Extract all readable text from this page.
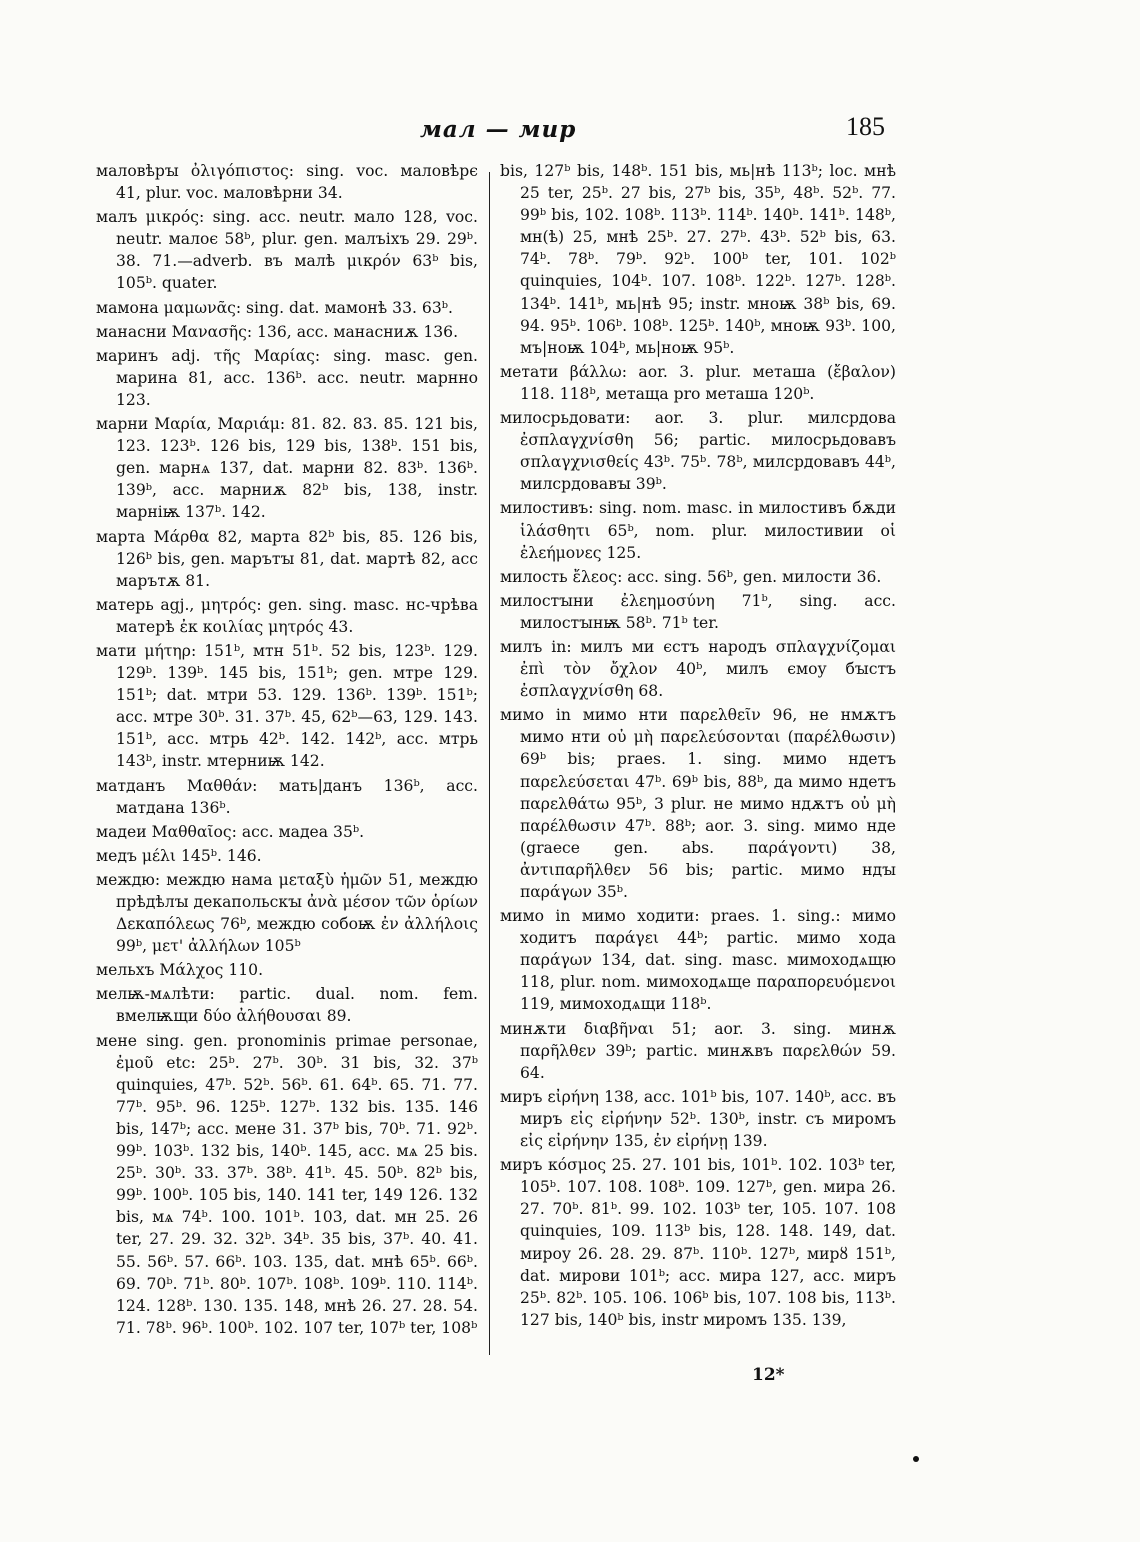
мал — мир	185

маловѣрꙑ ὀλιγόπιστος: sing. voc. маловѣрє 41, plur. voc. маловѣрни 34.

малъ μικρός: sing. acc. neutr. мало 128, voc. neutr. малоє 58ᵇ, plur. gen. малъіхъ 29. 29ᵇ. 38. 71.—adverb. въ малѣ μικρόν 63ᵇ bis, 105ᵇ. quater.

мамона μαμωνᾶς: sing. dat. мамонѣ 33. 63ᵇ.

манасни Μανασῆς: 136, acc. манасниѫ 136.

маринъ adj. τῆς Μαρίας: sing. masc. gen. марина 81, acc. 136ᵇ. acc. neutr. марнно 123.

марни Μαρία, Μαριάμ: 81. 82. 83. 85. 121 bis, 123. 123ᵇ. 126 bis, 129 bis, 138ᵇ. 151 bis, gen. марнѧ 137, dat. марни 82. 83ᵇ. 136ᵇ. 139ᵇ, acc. марниѫ 82ᵇ bis, 138, instr. марніѭ 137ᵇ. 142.

марта Μάρθα 82, марта 82ᵇ bis, 85. 126 bis, 126ᵇ bis, gen. марътꙑ 81, dat. мартѣ 82, acc марътѫ 81.

матерь agj., μητρός: gen. sing. masc. нс-чрѣва матерѣ ἐκ κοιλίας μητρός 43.

мати μήτηρ: 151ᵇ, мтн 51ᵇ. 52 bis, 123ᵇ. 129. 129ᵇ. 139ᵇ. 145 bis, 151ᵇ; gen. мтре 129. 151ᵇ; dat. мтри 53. 129. 136ᵇ. 139ᵇ. 151ᵇ; acc. мтре 30ᵇ. 31. 37ᵇ. 45, 62ᵇ—63, 129. 143. 151ᵇ, acc. мтрь 42ᵇ. 142. 142ᵇ, acc. мтрь 143ᵇ, instr. мтерниѭ 142.

матданъ Μαθθάν: мать|данъ 136ᵇ, acc. матдана 136ᵇ.

мадеи Μαθθαῖος: acc. мадеа 35ᵇ.

медъ μέλι 145ᵇ. 146.

междю: междю нама μεταξὺ ἡμῶν 51, междю прѣдѣлꙑ декапольскꙑ ἀνὰ μέσον τῶν ὁρίων Δεκαπόλεως 76ᵇ, междю собоѭ ἐν ἀλλήλοις 99ᵇ, μετ' ἀλλήλων 105ᵇ

мельхъ Μάλχος 110.

мелѭ-мѧлѣти: partic. dual. nom. fem. вмелѭщи δύο ἀλήθουσαι 89.

мене sing. gen. pronominis primae personae, ἐμοῦ etc: 25ᵇ. 27ᵇ. 30ᵇ. 31 bis, 32. 37ᵇ quinquies, 47ᵇ. 52ᵇ. 56ᵇ. 61. 64ᵇ. 65. 71. 77. 77ᵇ. 95ᵇ. 96. 125ᵇ. 127ᵇ. 132 bis. 135. 146 bis, 147ᵇ; acc. мене 31. 37ᵇ bis, 70ᵇ. 71. 92ᵇ. 99ᵇ. 103ᵇ. 132 bis, 140ᵇ. 145, acc. мѧ 25 bis. 25ᵇ. 30ᵇ. 33. 37ᵇ. 38ᵇ. 41ᵇ. 45. 50ᵇ. 82ᵇ bis, 99ᵇ. 100ᵇ. 105 bis, 140. 141 ter, 149 126. 132 bis, мѧ 74ᵇ. 100. 101ᵇ. 103, dat. мн 25. 26 ter, 27. 29. 32. 32ᵇ. 34ᵇ. 35 bis, 37ᵇ. 40. 41. 55. 56ᵇ. 57. 66ᵇ. 103. 135, dat. мнѣ 65ᵇ. 66ᵇ. 69. 70ᵇ. 71ᵇ. 80ᵇ. 107ᵇ. 108ᵇ. 109ᵇ. 110. 114ᵇ. 124. 128ᵇ. 130. 135. 148, мнѣ 26. 27. 28. 54. 71. 78ᵇ. 96ᵇ. 100ᵇ. 102. 107 ter, 107ᵇ ter, 108ᵇ

bis, 127ᵇ bis, 148ᵇ. 151 bis, мь|нѣ 113ᵇ; loc. мнѣ 25 ter, 25ᵇ. 27 bis, 27ᵇ bis, 35ᵇ, 48ᵇ. 52ᵇ. 77. 99ᵇ bis, 102. 108ᵇ. 113ᵇ. 114ᵇ. 140ᵇ. 141ᵇ. 148ᵇ, мн(ѣ) 25, мнѣ 25ᵇ. 27. 27ᵇ. 43ᵇ. 52ᵇ bis, 63. 74ᵇ. 78ᵇ. 79ᵇ. 92ᵇ. 100ᵇ ter, 101. 102ᵇ quinquies, 104ᵇ. 107. 108ᵇ. 122ᵇ. 127ᵇ. 128ᵇ. 134ᵇ. 141ᵇ, мь|нѣ 95; instr. мноѭ 38ᵇ bis, 69. 94. 95ᵇ. 106ᵇ. 108ᵇ. 125ᵇ. 140ᵇ, мноѭ 93ᵇ. 100, мъ|ноѭ 104ᵇ, мь|ноѭ 95ᵇ.

метати βάλλω: aor. 3. plur. меташа (ἔβαλον) 118. 118ᵇ, метаща pro меташа 120ᵇ.

милосрьдовати: aor. 3. plur. милсрдова ἐσπλαγχνίσθη 56; partic. милосрьдовавъ σπλαγχνισθείς 43ᵇ. 75ᵇ. 78ᵇ, милсрдовавъ 44ᵇ, милсрдовавꙑ 39ᵇ.

милостивъ: sing. nom. masc. in милостивъ бѫди ἱλάσθητι 65ᵇ, nom. plur. милостивии οἱ ἐλεήμονες 125.

милость ἔλεος: acc. sing. 56ᵇ, gen. милости 36.

милостꙑни ἐλεημοσύνη 71ᵇ, sing. acc. милостꙑнѭ 58ᵇ. 71ᵇ ter.

милъ in: милъ ми єстъ народъ σπλαγχνίζομαι ἐπὶ τὸν ὄχλον 40ᵇ, милъ ємоу бꙑстъ ἐσπλαγχνίσθη 68.

мимо in мимо нти παρελθεῖν 96, не нмѫтъ мимо нти οὐ μὴ παρελεύσονται (παρέλθωσιν) 69ᵇ bis; praes. 1. sing. мимо ндетъ παρελεύσεται 47ᵇ. 69ᵇ bis, 88ᵇ, да мимо ндетъ παρελθάτω 95ᵇ, 3 plur. не мимо ндѫтъ οὐ μὴ παρέλθωσιν 47ᵇ. 88ᵇ; aor. 3. sing. мимо нде (graece gen. abs. παράγοντι) 38, ἀντιπαρῆλθεν 56 bis; partic. мимо ндꙑ παράγων 35ᵇ.

мимо in мимо ходити: praes. 1. sing.: мимо ходитъ παράγει 44ᵇ; partic. мимо хода παράγων 134, dat. sing. masc. мимоходѧщю 118, plur. nom. мимоходѧще παραπορευόμενοι 119, мимоходѧщи 118ᵇ.

минѫти διαβῆναι 51; aor. 3. sing. минѫ παρῆλθεν 39ᵇ; partic. минѫвъ παρελθών 59. 64.

миръ εἰρήνη 138, acc. 101ᵇ bis, 107. 140ᵇ, acc. въ миръ εἰς εἰρήνην 52ᵇ. 130ᵇ, instr. съ миромъ εἰς εἰρήνην 135, ἐν εἰρήνῃ 139.

миръ κόσμος 25. 27. 101 bis, 101ᵇ. 102. 103ᵇ ter, 105ᵇ. 107. 108. 108ᵇ. 109. 127ᵇ, gen. мира 26. 27. 70ᵇ. 81ᵇ. 99. 102. 103ᵇ ter, 105. 107. 108 quinquies, 109. 113ᵇ bis, 128. 148. 149, dat. мироу 26. 28. 29. 87ᵇ. 110ᵇ. 127ᵇ, мирȣ 151ᵇ, dat. мирови 101ᵇ; acc. мира 127, acc. миръ 25ᵇ. 82ᵇ. 105. 106. 106ᵇ bis, 107. 108 bis, 113ᵇ. 127 bis, 140ᵇ bis, instr миромъ 135. 139,

12*
